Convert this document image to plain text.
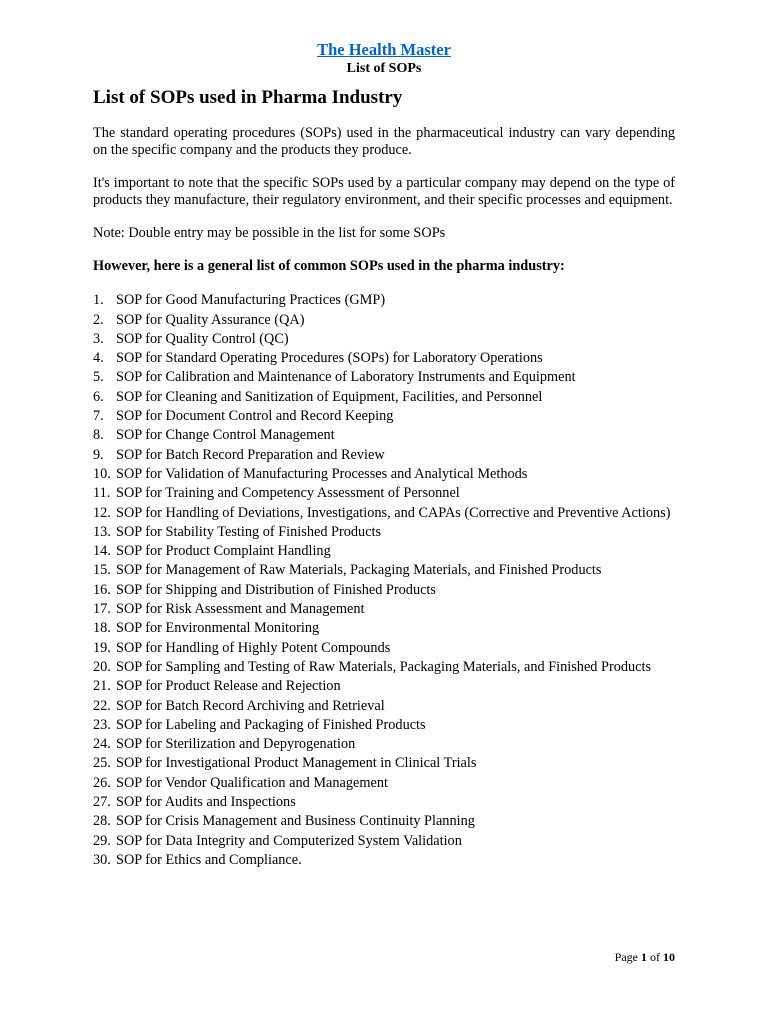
The Health Master

List of SOPs

List of SOPs used in Pharma Industry

The standard operating procedures (SOPs) used in the pharmaceutical industry can vary depending on the specific company and the products they produce.

It's important to note that the specific SOPs used by a particular company may depend on the type of products they manufacture, their regulatory environment, and their specific processes and equipment.

Note: Double entry may be possible in the list for some SOPs

However, here is a general list of common SOPs used in the pharma industry:

1. SOP for Good Manufacturing Practices (GMP)
2. SOP for Quality Assurance (QA)
3. SOP for Quality Control (QC)
4. SOP for Standard Operating Procedures (SOPs) for Laboratory Operations
5. SOP for Calibration and Maintenance of Laboratory Instruments and Equipment
6. SOP for Cleaning and Sanitization of Equipment, Facilities, and Personnel
7. SOP for Document Control and Record Keeping
8. SOP for Change Control Management
9. SOP for Batch Record Preparation and Review
10. SOP for Validation of Manufacturing Processes and Analytical Methods
11. SOP for Training and Competency Assessment of Personnel
12. SOP for Handling of Deviations, Investigations, and CAPAs (Corrective and Preventive Actions)
13. SOP for Stability Testing of Finished Products
14. SOP for Product Complaint Handling
15. SOP for Management of Raw Materials, Packaging Materials, and Finished Products
16. SOP for Shipping and Distribution of Finished Products
17. SOP for Risk Assessment and Management
18. SOP for Environmental Monitoring
19. SOP for Handling of Highly Potent Compounds
20. SOP for Sampling and Testing of Raw Materials, Packaging Materials, and Finished Products
21. SOP for Product Release and Rejection
22. SOP for Batch Record Archiving and Retrieval
23. SOP for Labeling and Packaging of Finished Products
24. SOP for Sterilization and Depyrogenation
25. SOP for Investigational Product Management in Clinical Trials
26. SOP for Vendor Qualification and Management
27. SOP for Audits and Inspections
28. SOP for Crisis Management and Business Continuity Planning
29. SOP for Data Integrity and Computerized System Validation
30. SOP for Ethics and Compliance.
Page 1 of 10
